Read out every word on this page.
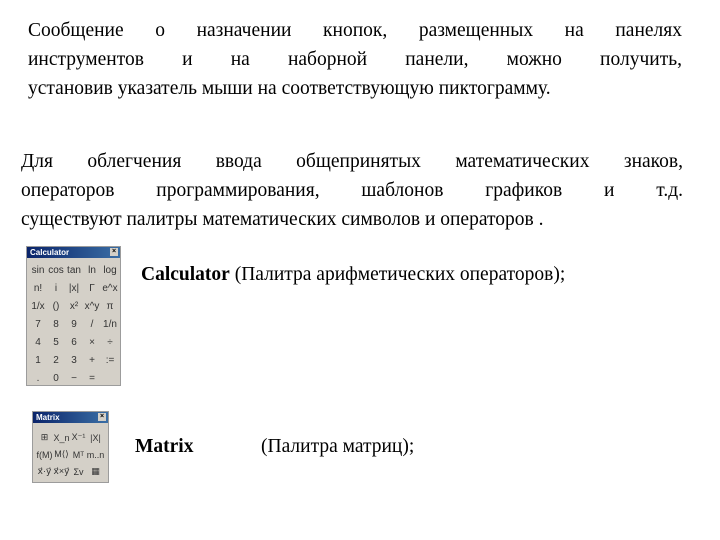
Сообщение о назначении кнопок, размещенных на панелях
инструментов и на наборной панели, можно получить,
установив указатель мыши на соответствующую пиктограмму.
Для облегчения ввода общепринятых математических знаков,
операторов программирования, шаблонов графиков и т.д.
существуют палитры математических символов и операторов .
Calculator	×
sin cos tan ln log
n!	i	|x|	Γ e^x
1/x ()	x² x^y π
7	8	9	/ 1/n
4	5	6	×	÷
1	2	3	+	:=
.	0	−	=
Calculator (Палитра арифметических операторов);
Matrix	×
⊞ X_n X⁻¹ |X|
f(M) M⟨⟩ Mᵀ m..n
x⃗·y⃗ x⃗×y⃗ Σv ▦
Matrix	(Палитра матриц);
